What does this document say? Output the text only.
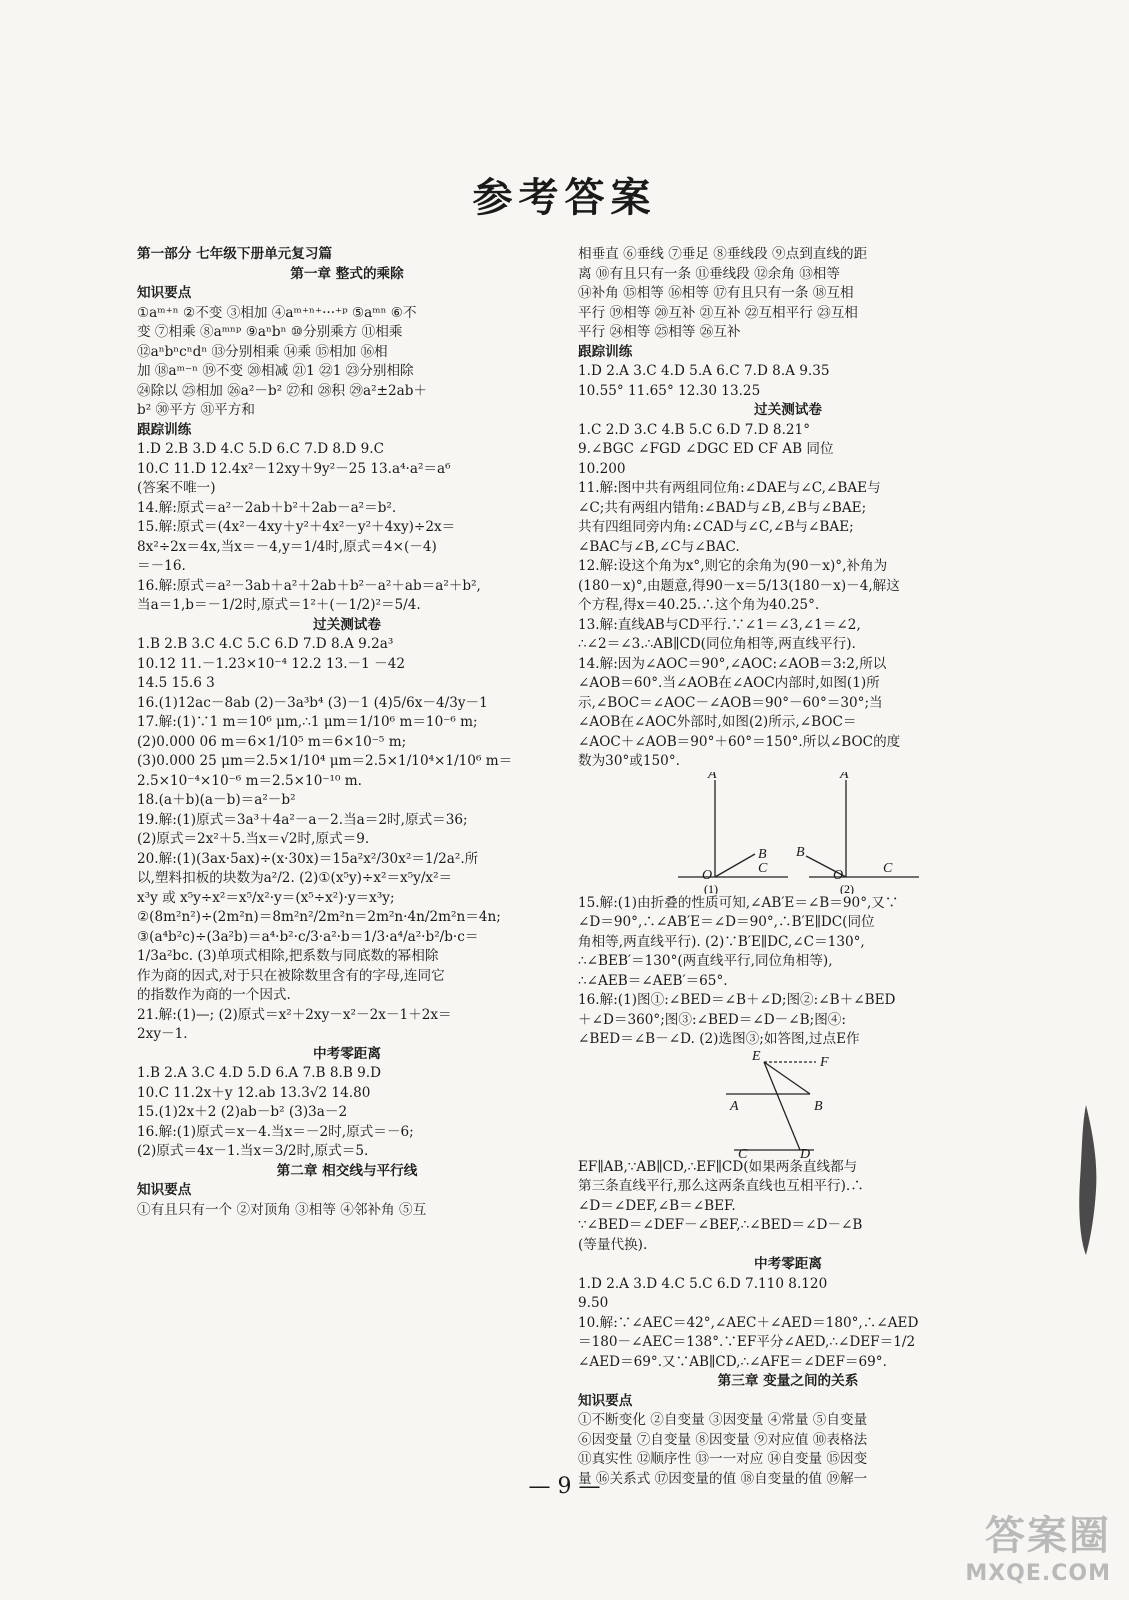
参考答案
第一部分 七年级下册单元复习篇
第一章 整式的乘除
知识要点
①aᵐ⁺ⁿ ②不变 ③相加 ④aᵐ⁺ⁿ⁺···⁺ᵖ ⑤aᵐⁿ ⑥不
变 ⑦相乘 ⑧aᵐⁿᵖ ⑨aⁿbⁿ ⑩分别乘方 ⑪相乘
⑫aⁿbⁿcⁿdⁿ ⑬分别相乘 ⑭乘 ⑮相加 ⑯相
加 ⑱aᵐ⁻ⁿ ⑲不变 ⑳相减 ㉑1 ㉒1 ㉓分别相除
㉔除以 ㉕相加 ㉖a²－b² ㉗和 ㉘积 ㉙a²±2ab＋
b² ㉚平方 ㉛平方和
跟踪训练
1.D 2.B 3.D 4.C 5.D 6.C 7.D 8.D 9.C
10.C 11.D 12.4x²－12xy＋9y²－25 13.a⁴·a²＝a⁶
(答案不唯一)
14.解:原式＝a²－2ab＋b²＋2ab－a²＝b².
15.解:原式＝(4x²－4xy＋y²＋4x²－y²＋4xy)÷2x＝
8x²÷2x＝4x,当x＝－4,y＝1/4时,原式＝4×(－4)
＝－16.
16.解:原式＝a²－3ab＋a²＋2ab＋b²－a²＋ab＝a²＋b²,
当a＝1,b＝－1/2时,原式＝1²＋(－1/2)²＝5/4.
过关测试卷
1.B 2.B 3.C 4.C 5.C 6.D 7.D 8.A 9.2a³
10.12 11.－1.23×10⁻⁴ 12.2 13.－1 －42
14.5 15.6 3
16.(1)12ac－8ab (2)－3a³b⁴ (3)－1 (4)5/6x－4/3y－1
17.解:(1)∵1 m＝10⁶ μm,∴1 μm＝1/10⁶ m＝10⁻⁶ m;
(2)0.000 06 m＝6×1/10⁵ m＝6×10⁻⁵ m;
(3)0.000 25 μm＝2.5×1/10⁴ μm＝2.5×1/10⁴×1/10⁶ m＝
2.5×10⁻⁴×10⁻⁶ m＝2.5×10⁻¹⁰ m.
18.(a＋b)(a－b)＝a²－b²
19.解:(1)原式＝3a³＋4a²－a－2.当a＝2时,原式＝36;
(2)原式＝2x²＋5.当x＝√2时,原式＝9.
20.解:(1)(3ax·5ax)÷(x·30x)＝15a²x²/30x²＝1/2a².所
以,塑料扣板的块数为a²/2. (2)①(x⁵y)÷x²＝x⁵y/x²＝
x³y 或 x⁵y÷x²＝x⁵/x²·y＝(x⁵÷x²)·y＝x³y;
②(8m²n²)÷(2m²n)＝8m²n²/2m²n＝2m²n·4n/2m²n＝4n;
③(a⁴b²c)÷(3a²b)＝a⁴·b²·c/3·a²·b＝1/3·a⁴/a²·b²/b·c＝
1/3a²bc. (3)单项式相除,把系数与同底数的幂相除
作为商的因式,对于只在被除数里含有的字母,连同它
的指数作为商的一个因式.
21.解:(1)—; (2)原式＝x²＋2xy－x²－2x－1＋2x＝
2xy－1.
中考零距离
1.B 2.A 3.C 4.D 5.D 6.A 7.B 8.B 9.D
10.C 11.2x＋y 12.ab 13.3√2 14.80
15.(1)2x＋2 (2)ab－b² (3)3a－2
16.解:(1)原式＝x－4.当x＝－2时,原式＝－6;
(2)原式＝4x－1.当x＝3/2时,原式＝5.
第二章 相交线与平行线
知识要点
①有且只有一个 ②对顶角 ③相等 ④邻补角 ⑤互
相垂直 ⑥垂线 ⑦垂足 ⑧垂线段 ⑨点到直线的距
离 ⑩有且只有一条 ⑪垂线段 ⑫余角 ⑬相等
⑭补角 ⑮相等 ⑯相等 ⑰有且只有一条 ⑱互相
平行 ⑲相等 ⑳互补 ㉑互补 ㉒互相平行 ㉓互相
平行 ㉔相等 ㉕相等 ㉖互补
跟踪训练
1.D 2.A 3.C 4.D 5.A 6.C 7.D 8.A 9.35
10.55° 11.65° 12.30 13.25
过关测试卷
1.C 2.D 3.C 4.B 5.C 6.D 7.D 8.21°
9.∠BGC ∠FGD ∠DGC ED CF AB 同位
10.200
11.解:图中共有两组同位角:∠DAE与∠C,∠BAE与
∠C;共有两组内错角:∠BAD与∠B,∠B与∠BAE;
共有四组同旁内角:∠CAD与∠C,∠B与∠BAE;
∠BAC与∠B,∠C与∠BAC.
12.解:设这个角为x°,则它的余角为(90－x)°,补角为
(180－x)°,由题意,得90－x＝5/13(180－x)－4,解这
个方程,得x＝40.25.∴这个角为40.25°.
13.解:直线AB与CD平行.∵∠1＝∠3,∠1＝∠2,
∴∠2＝∠3.∴AB∥CD(同位角相等,两直线平行).
14.解:因为∠AOC＝90°,∠AOC:∠AOB＝3:2,所以
∠AOB＝60°.当∠AOB在∠AOC内部时,如图(1)所
示,∠BOC＝∠AOC－∠AOB＝90°－60°＝30°;当
∠AOB在∠AOC外部时,如图(2)所示,∠BOC＝
∠AOC＋∠AOB＝90°＋60°＝150°.所以∠BOC的度
数为30°或150°.
A
B
C
O
A
B
C
O
(1)	(2)
15.解:(1)由折叠的性质可知,∠AB′E＝∠B＝90°,又∵
∠D＝90°,∴∠AB′E＝∠D＝90°,∴B′E∥DC(同位
角相等,两直线平行). (2)∵B′E∥DC,∠C＝130°,
∴∠BEB′＝130°(两直线平行,同位角相等),
∴∠AEB＝∠AEB′＝65°.
16.解:(1)图①:∠BED＝∠B＋∠D;图②:∠B＋∠BED
＋∠D＝360°;图③:∠BED＝∠D－∠B;图④:
∠BED＝∠B－∠D. (2)选图③;如答图,过点E作
E	F
A	B
C	D
EF∥AB,∵AB∥CD,∴EF∥CD(如果两条直线都与
第三条直线平行,那么这两条直线也互相平行).∴
∠D＝∠DEF,∠B＝∠BEF.
∵∠BED＝∠DEF－∠BEF,∴∠BED＝∠D－∠B
(等量代换).
中考零距离
1.D 2.A 3.D 4.C 5.C 6.D 7.110 8.120
9.50
10.解:∵∠AEC＝42°,∠AEC＋∠AED＝180°,∴∠AED
＝180－∠AEC＝138°.∵EF平分∠AED,∴∠DEF＝1/2
∠AED＝69°.又∵AB∥CD,∴∠AFE＝∠DEF＝69°.
第三章 变量之间的关系
知识要点
①不断变化 ②自变量 ③因变量 ④常量 ⑤自变量
⑥因变量 ⑦自变量 ⑧因变量 ⑨对应值 ⑩表格法
⑪真实性 ⑫顺序性 ⑬一一对应 ⑭自变量 ⑮因变
量 ⑯关系式 ⑰因变量的值 ⑱自变量的值 ⑲解一
— 9 —
答案圈
MXQE.COM
